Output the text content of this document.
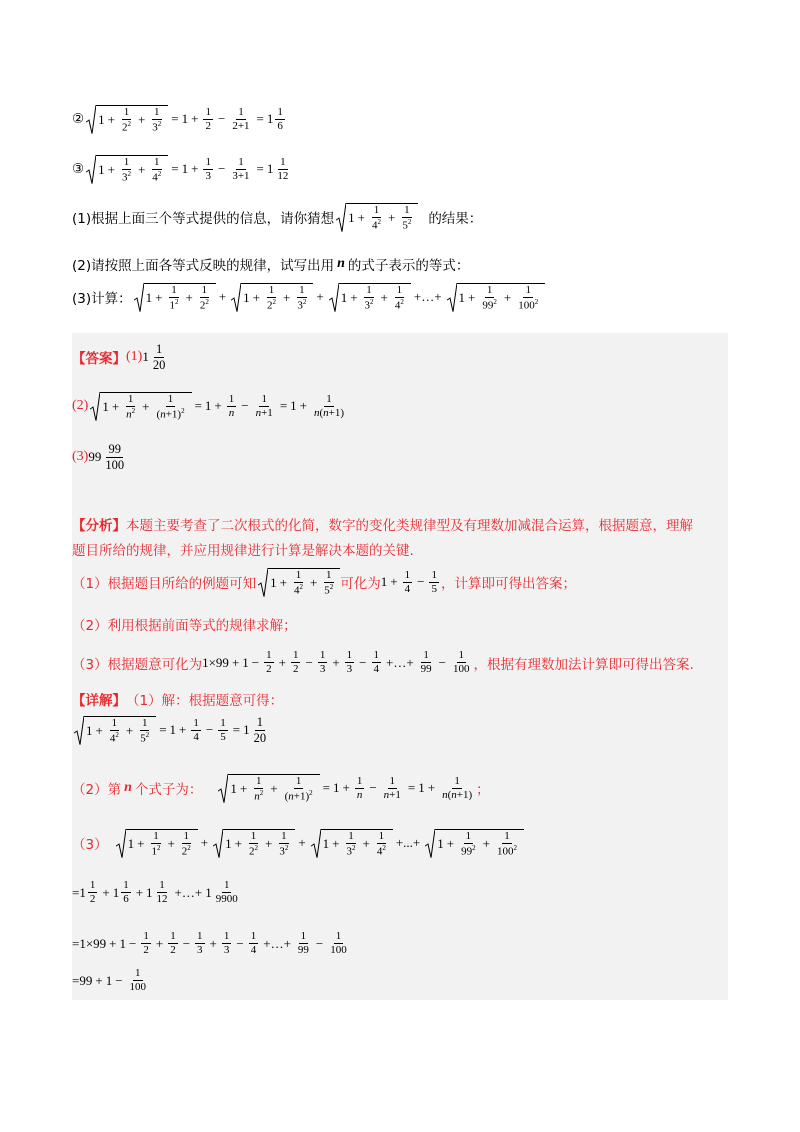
② $1 + \frac{1}{2^2} + \frac{1}{3^2} = 1 + \frac{1}{2} - \frac{1}{2+1} = 1 \frac{1}{6}$
③ $1 + \frac{1}{3^2} + \frac{1}{4^2} = 1 + \frac{1}{3} - \frac{1}{3+1} = 1 \frac{1}{12}$
(1)根据上面三个等式提供的信息，请你猜想 $1 + \frac{1}{4^2} + \frac{1}{5^2}$ 的结果：
(2)请按照上面各等式反映的规律，试写出用 n 的式子表示的等式：
(3)计算： $1 + \frac{1}{1^2} + \frac{1}{2^2} + 1 + \frac{1}{2^2} + \frac{1}{3^2} + 1 + \frac{1}{3^2} + \frac{1}{4^2}$ +…+ $1 + \frac{1}{99^2} + \frac{1}{100^2}$
【答案】 (1) $1 \frac{1}{20}$
(2) $1 + \frac{1}{n^2} + \frac{1}{(n+1)^2} = 1 + \frac{1}{n} - \frac{1}{n+1} = 1 + \frac{1}{n(n+1)}$
(3) $99 \frac{99}{100}$
【分析】 本题主要考查了二次根式的化简，数字的变化类规律型及有理数加减混合运算，根据题意，理解
题目所给的规律，并应用规律进行计算是解决本题的关键.
（1）根据题目所给的例题可知 $1 + \frac{1}{4^2} + \frac{1}{5^2}$ 可化为 $1 + \frac{1}{4} - \frac{1}{5}$ ，计算即可得出答案；
（2）利用根据前面等式的规律求解；
（3）根据题意可化为 $1\times 99 + 1 - \frac{1}{2} + \frac{1}{2} - \frac{1}{3} + \frac{1}{3} - \frac{1}{4}$ +…+ $\frac{1}{99} - \frac{1}{100}$ ，根据有理数加法计算即可得出答案.
【详解】 （1）解：根据题意可得：
$1 + \frac{1}{4^2} + \frac{1}{5^2} = 1 + \frac{1}{4} - \frac{1}{5} = 1 \frac{1}{20}$
（2）第 n 个式子为： $1 + \frac{1}{n^2} + \frac{1}{(n+1)^2} = 1 + \frac{1}{n} - \frac{1}{n+1} = 1 + \frac{1}{n(n+1)}$ ；
（3） $1 + \frac{1}{1^2} + \frac{1}{2^2} + 1 + \frac{1}{2^2} + \frac{1}{3^2} + 1 + \frac{1}{3^2} + \frac{1}{4^2}$ +...+ $1 + \frac{1}{99^2} + \frac{1}{100^2}$
= $1 \frac{1}{2} + 1 \frac{1}{6} + 1 \frac{1}{12}$ +…+ $1 \frac{1}{9900}$
$=1\times 99 + 1 - \frac{1}{2} + \frac{1}{2} - \frac{1}{3} + \frac{1}{3} - \frac{1}{4}$ +…+ $\frac{1}{99} - \frac{1}{100}$
$=99 + 1 - \frac{1}{100}$
